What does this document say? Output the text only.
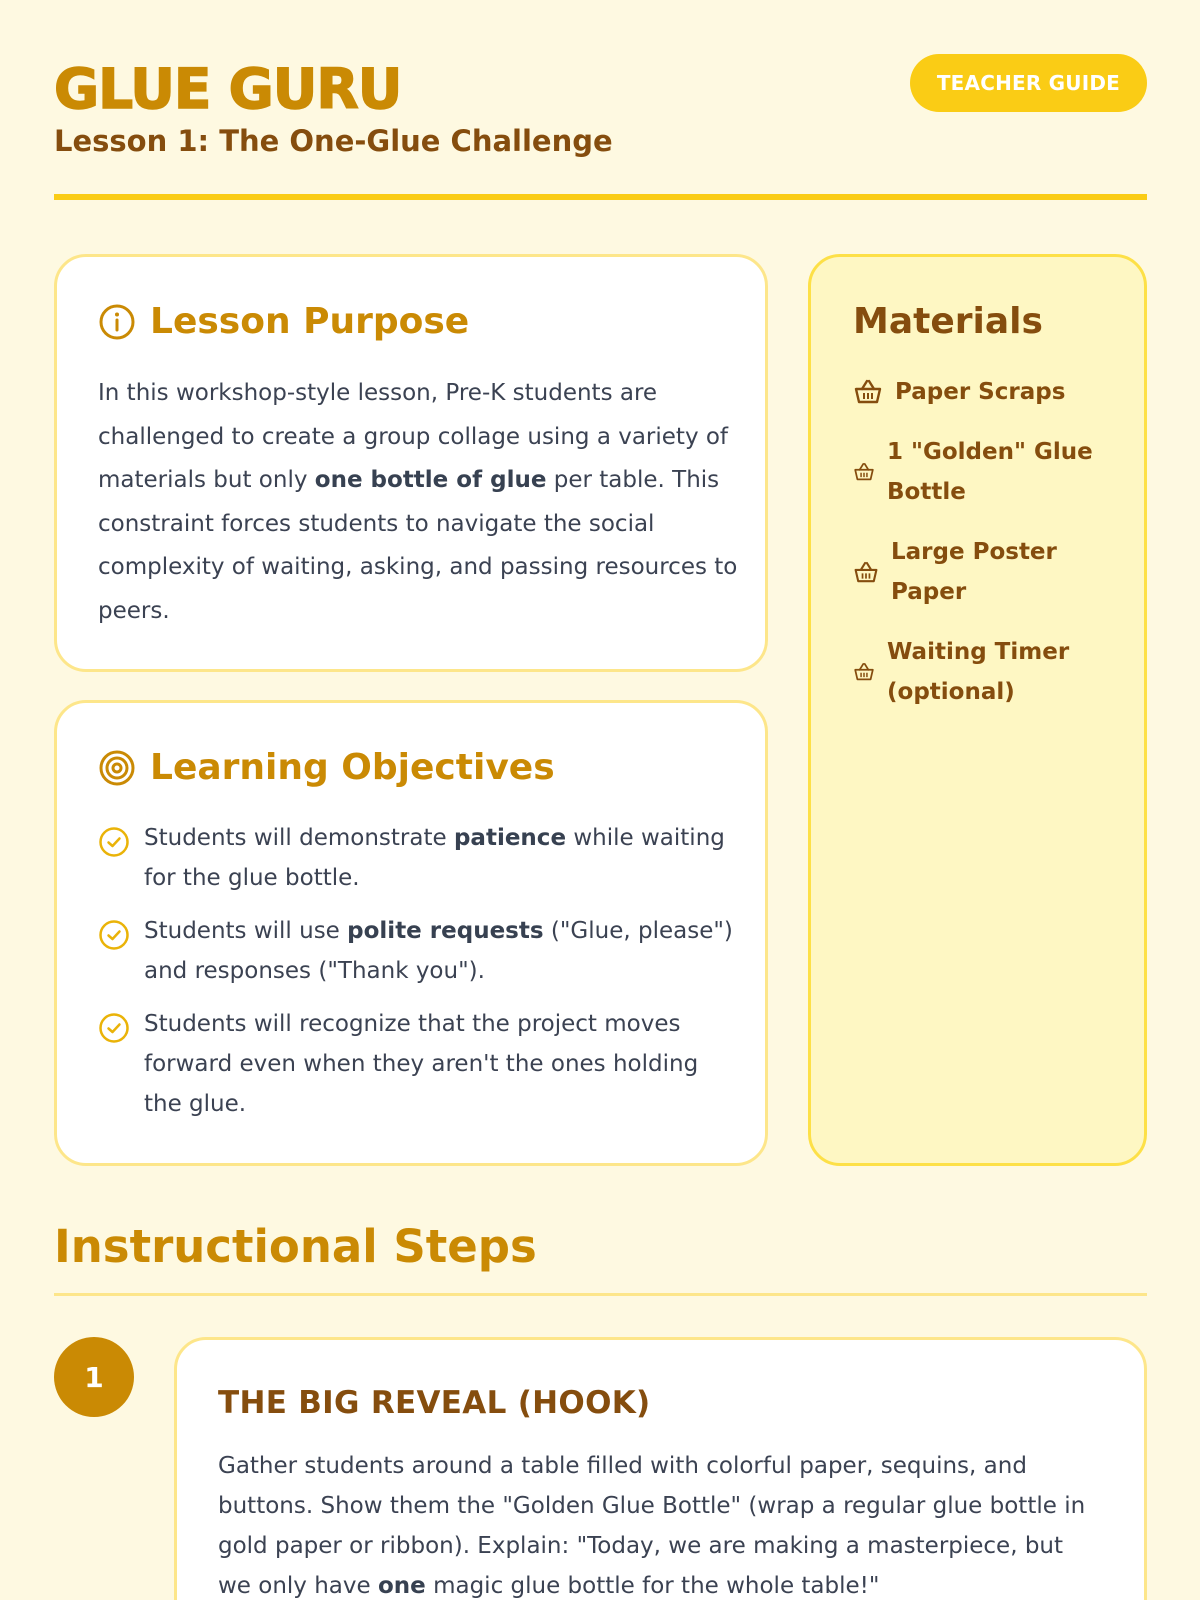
GLUE GURU
Lesson 1: The One-Glue Challenge
TEACHER GUIDE
Lesson Purpose

In this workshop-style lesson, Pre-K students are challenged to create a group collage using a variety of materials but only one bottle of glue per table. This constraint forces students to navigate the social complexity of waiting, asking, and passing resources to peers.

Learning Objectives
Students will demonstrate patience while waiting for the glue bottle.
Students will use polite requests ("Glue, please") and responses ("Thank you").
Students will recognize that the project moves forward even when they aren't the ones holding the glue.
Materials
Paper Scraps
1 "Golden" Glue Bottle
Large Poster Paper
Waiting Timer (optional)
Instructional Steps
1
THE BIG REVEAL (HOOK)

Gather students around a table filled with colorful paper, sequins, and buttons. Show them the "Golden Glue Bottle" (wrap a regular glue bottle in gold paper or ribbon). Explain: "Today, we are making a masterpiece, but we only have one magic glue bottle for the whole table!"
